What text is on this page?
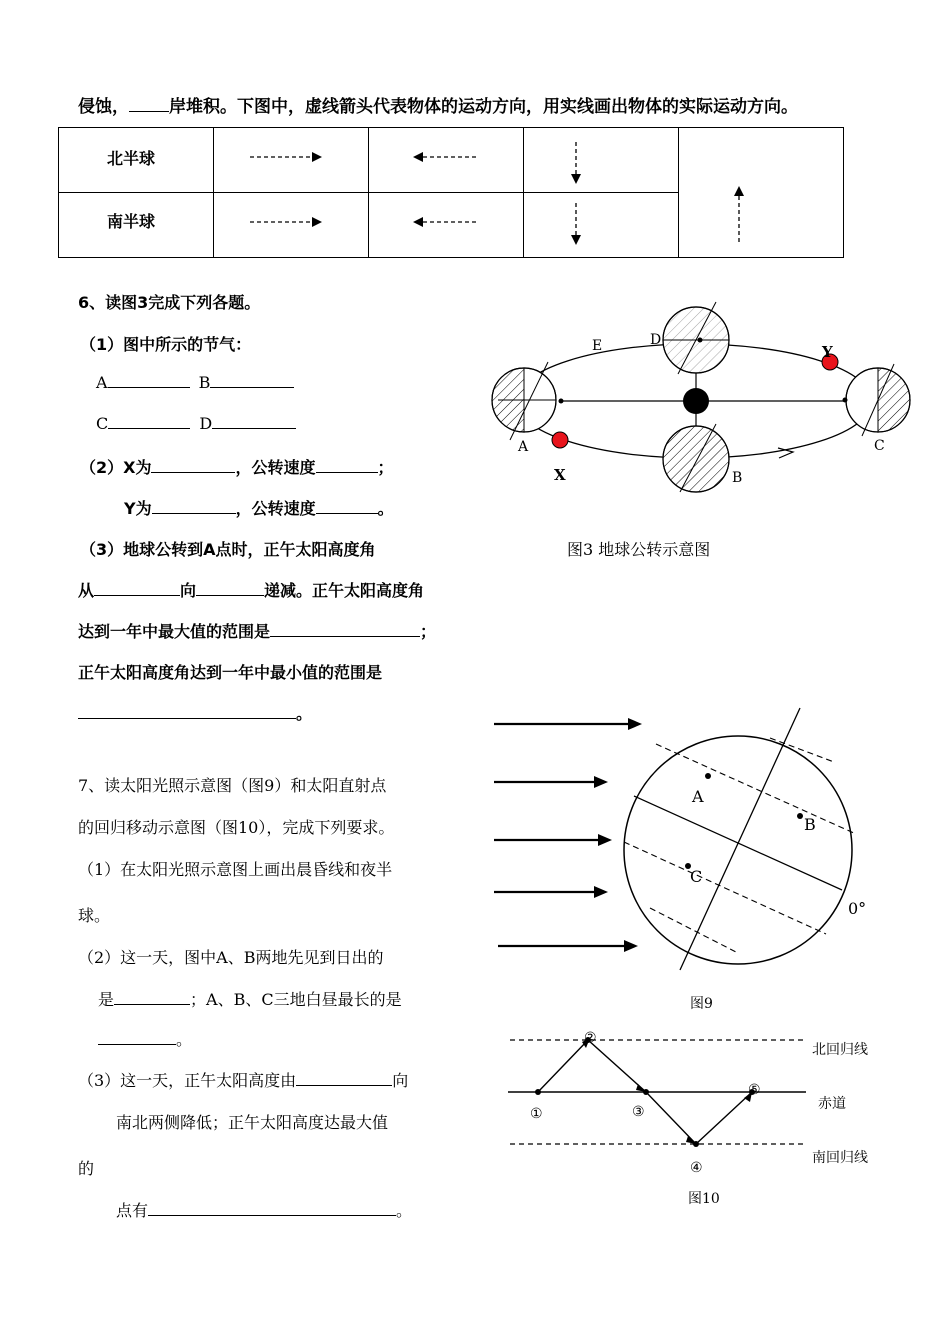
侵蚀， 岸堆积。下图中，虚线箭头代表物体的运动方向，用实线画出物体的实际运动方向。
北半球

南半球

6、读图3完成下列各题。
（1）图中所示的节气：
A	B
C	D
（2）X为	，公转速度	；
Y为	，公转速度	。
（3）地球公转到A点时，正午太阳高度角
从	向	递减。正午太阳高度角
达到一年中最大值的范围是	；
正午太阳高度角达到一年中最小值的范围是
。
A
B
C
D
E
X
Y
图3 地球公转示意图
7、读太阳光照示意图（图9）和太阳直射点
的回归移动示意图（图10），完成下列要求。
（1）在太阳光照示意图上画出晨昏线和夜半
球。
（2）这一天，图中A、B两地先见到日出的
是	；A、B、C三地白昼最长的是
。
（3）这一天，正午太阳高度由	向
南北两侧降低；正午太阳高度达最大值
的
点有	。
A
B
C
0°
图9
①
②
③
④
⑤
北回归线
赤道
南回归线
图10
